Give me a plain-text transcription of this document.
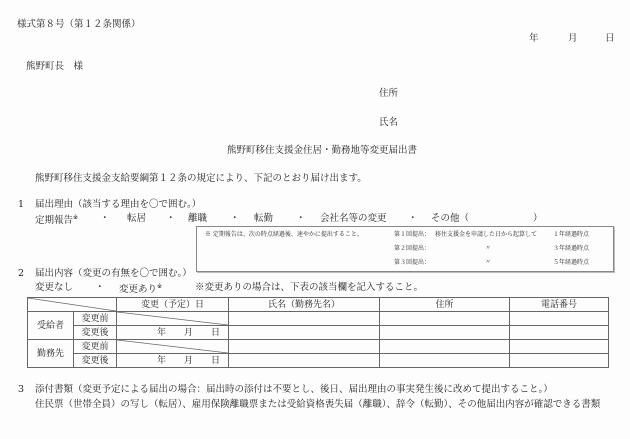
様式第８号（第１２条関係）
年	月	日
熊野町長　様
住所
氏名
熊野町移住支援金住居・勤務地等変更届出書
熊野町移住支援金支給要綱第１２条の規定により、下記のとおり届け出ます。
1 届出理由（該当する理由を〇で囲む。）
定期報告※ ・ 転居 ・ 離職 ・ 転勤 ・ 会社名等の変更 ・ その他（	）
※ 定期報告は、次の時点経過後、速やかに提出すること。	第１回提出： 移住支援金を申請した日から起算して	１年経過時点
第２回提出：	〃	３年経過時点
第３回提出：	〃	５年経過時点
2 届出内容（変更の有無を〇で囲む。）
変更なし ・ 変更あり※	※変更ありの場合は、下表の該当欄を記入すること。
	変更（予定）日	氏名（勤務先名）	住所	電話番号
受給者	変更前	

	変更後	年 月 日			

勤務先	変更前	

	変更後	年 月 日			

3 添付書類（変更予定による届出の場合：届出時の添付は不要とし、後日、届出理由の事実発生後に改めて提出すること。）
住民票（世帯全員）の写し（転居）、雇用保険離職票または受給資格喪失届（離職）、辞令（転勤）、その他届出内容が確認できる書類
